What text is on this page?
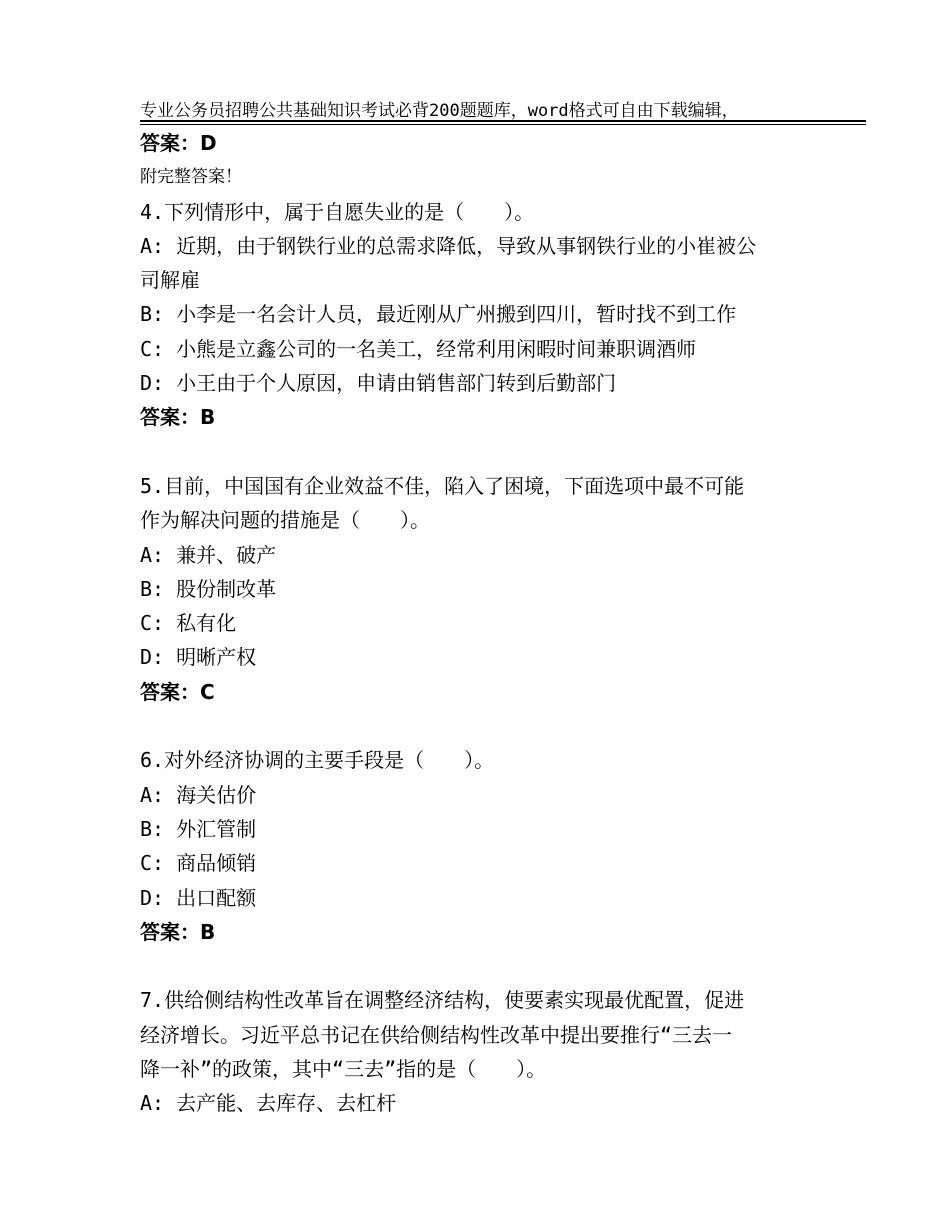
专业公务员招聘公共基础知识考试必背200题题库，word格式可自由下载编辑，

附完整答案！

答案：D
4.下列情形中，属于自愿失业的是（　　）。
A: 近期，由于钢铁行业的总需求降低，导致从事钢铁行业的小崔被公
司解雇
B: 小李是一名会计人员，最近刚从广州搬到四川，暂时找不到工作
C: 小熊是立鑫公司的一名美工，经常利用闲暇时间兼职调酒师
D: 小王由于个人原因，申请由销售部门转到后勤部门
答案：B
5.目前，中国国有企业效益不佳，陷入了困境，下面选项中最不可能
作为解决问题的措施是（　　）。
A: 兼并、破产
B: 股份制改革
C: 私有化
D: 明晰产权
答案：C
6.对外经济协调的主要手段是（　　）。
A: 海关估价
B: 外汇管制
C: 商品倾销
D: 出口配额
答案：B
7.供给侧结构性改革旨在调整经济结构，使要素实现最优配置，促进
经济增长。习近平总书记在供给侧结构性改革中提出要推行“三去一
降一补”的政策，其中“三去”指的是（　　）。
A: 去产能、去库存、去杠杆
